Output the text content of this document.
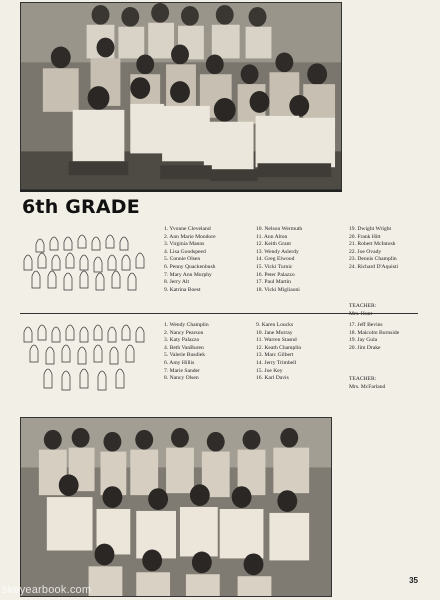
6th GRADE
1. Yvonne Cleveland
2. Ann Marie Mondore
3. Virginia Manns
4. Lisa Goodspeed
5. Connie Olsen
6. Penny Quackenbush
7. Mary Ann Murphy
8. Jerry Alt
9. Katrina Boest
10. Nelson Wermuth
11. Ann Alton
12. Keith Grant
13. Wendy Aslerdy
14. Greg Elwood
15. Vicki Turnic
16. Peter Palazzo
17. Paul Martin
18. Vicki Migliaoni
19. Dwight Wright
20. Frank Hitt
21. Robert McIntosh
22. Joe Ovady
23. Dennis Champlin
24. Richard D'Aquisti
TEACHER:
1. Wendy Champlin
2. Nancy Pearson
3. Katy Palazzo
4. Beth VanBuren
5. Valerie Busdiek
6. Amy Hillis
7. Marie Sander
8. Nancy Olsen
9. Karen Loucks
10. Jane Murray
11. Warren Stasnd
12. Keath Champlin
13. Marc Gilbert
14. Jerry Trimbell
15. Joe Key
16. Karl Davis
17. Jeff Bevins
18. Malcolm Burnside
19. Jay Gula
20. Jim Drake
TEACHER:
Mrs. McFarland
35
skeyearbook.com
